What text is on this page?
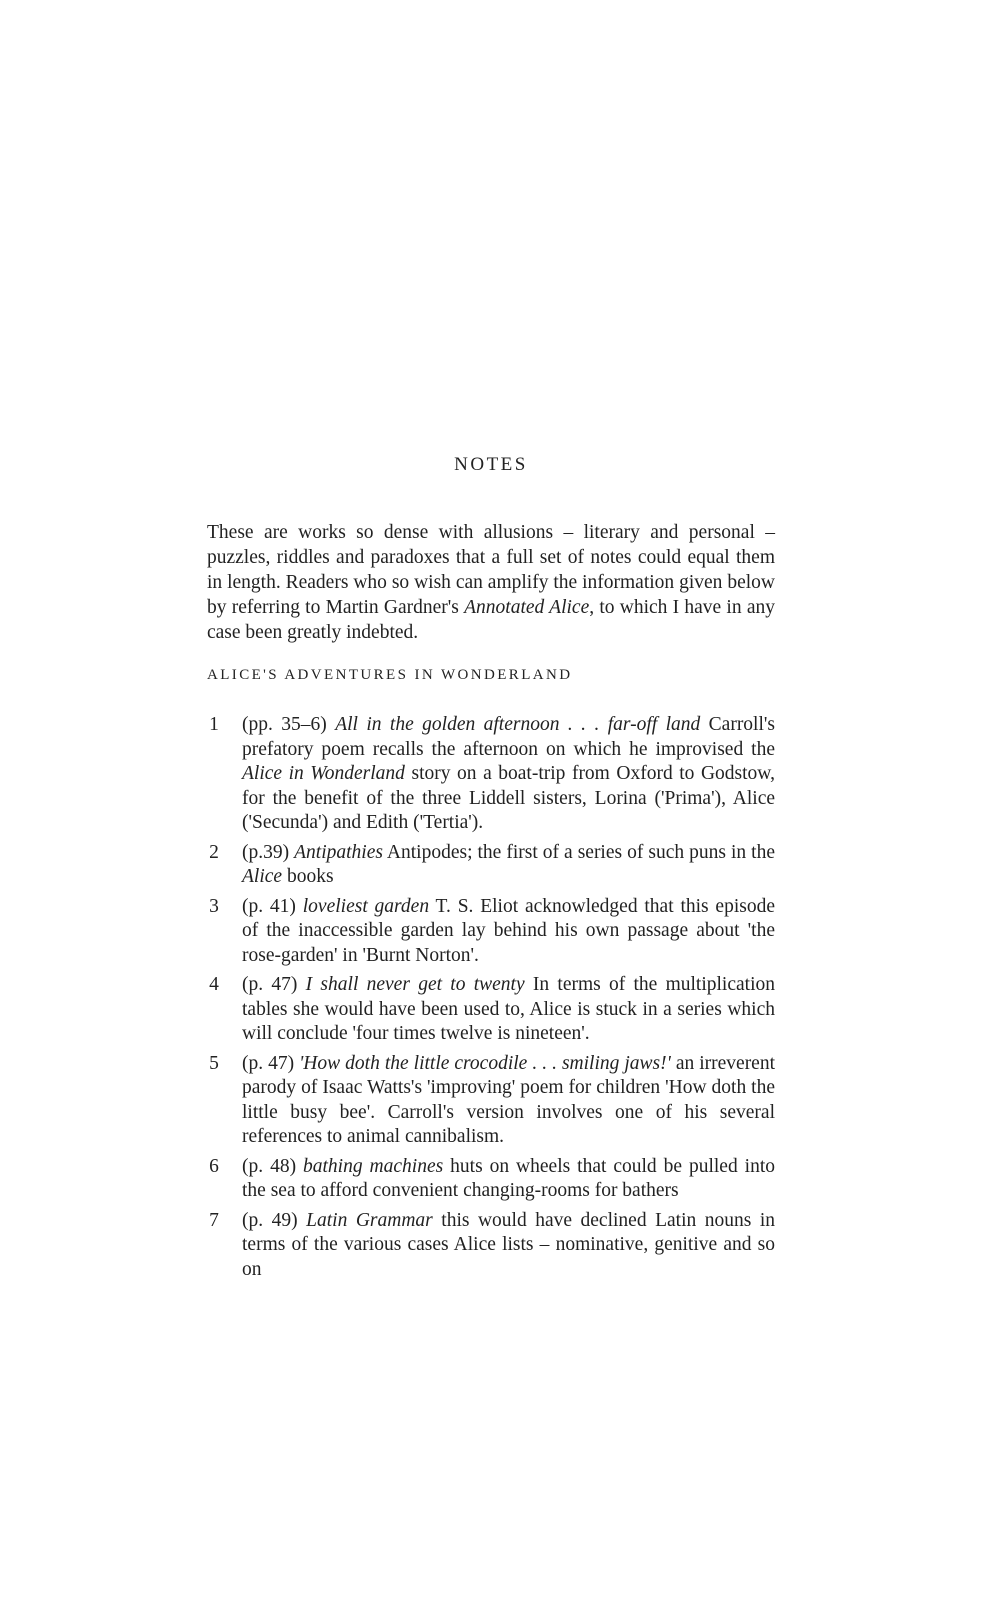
NOTES

These are works so dense with allusions – literary and personal – puzzles, riddles and paradoxes that a full set of notes could equal them in length. Readers who so wish can amplify the information given below by referring to Martin Gardner's Annotated Alice, to which I have in any case been greatly indebted.

ALICE'S ADVENTURES IN WONDERLAND
1 (pp. 35–6) All in the golden afternoon . . . far-off land Carroll's prefatory poem recalls the afternoon on which he improvised the Alice in Wonderland story on a boat-trip from Oxford to Godstow, for the benefit of the three Liddell sisters, Lorina ('Prima'), Alice ('Secunda') and Edith ('Tertia').
2 (p.39) Antipathies Antipodes; the first of a series of such puns in the Alice books
3 (p. 41) loveliest garden T. S. Eliot acknowledged that this episode of the inaccessible garden lay behind his own passage about 'the rose-garden' in 'Burnt Norton'.
4 (p. 47) I shall never get to twenty In terms of the multiplication tables she would have been used to, Alice is stuck in a series which will conclude 'four times twelve is nineteen'.
5 (p. 47) 'How doth the little crocodile . . . smiling jaws!' an irreverent parody of Isaac Watts's 'improving' poem for children 'How doth the little busy bee'. Carroll's version involves one of his several references to animal cannibalism.
6 (p. 48) bathing machines huts on wheels that could be pulled into the sea to afford convenient changing-rooms for bathers
7 (p. 49) Latin Grammar this would have declined Latin nouns in terms of the various cases Alice lists – nominative, genitive and so on
